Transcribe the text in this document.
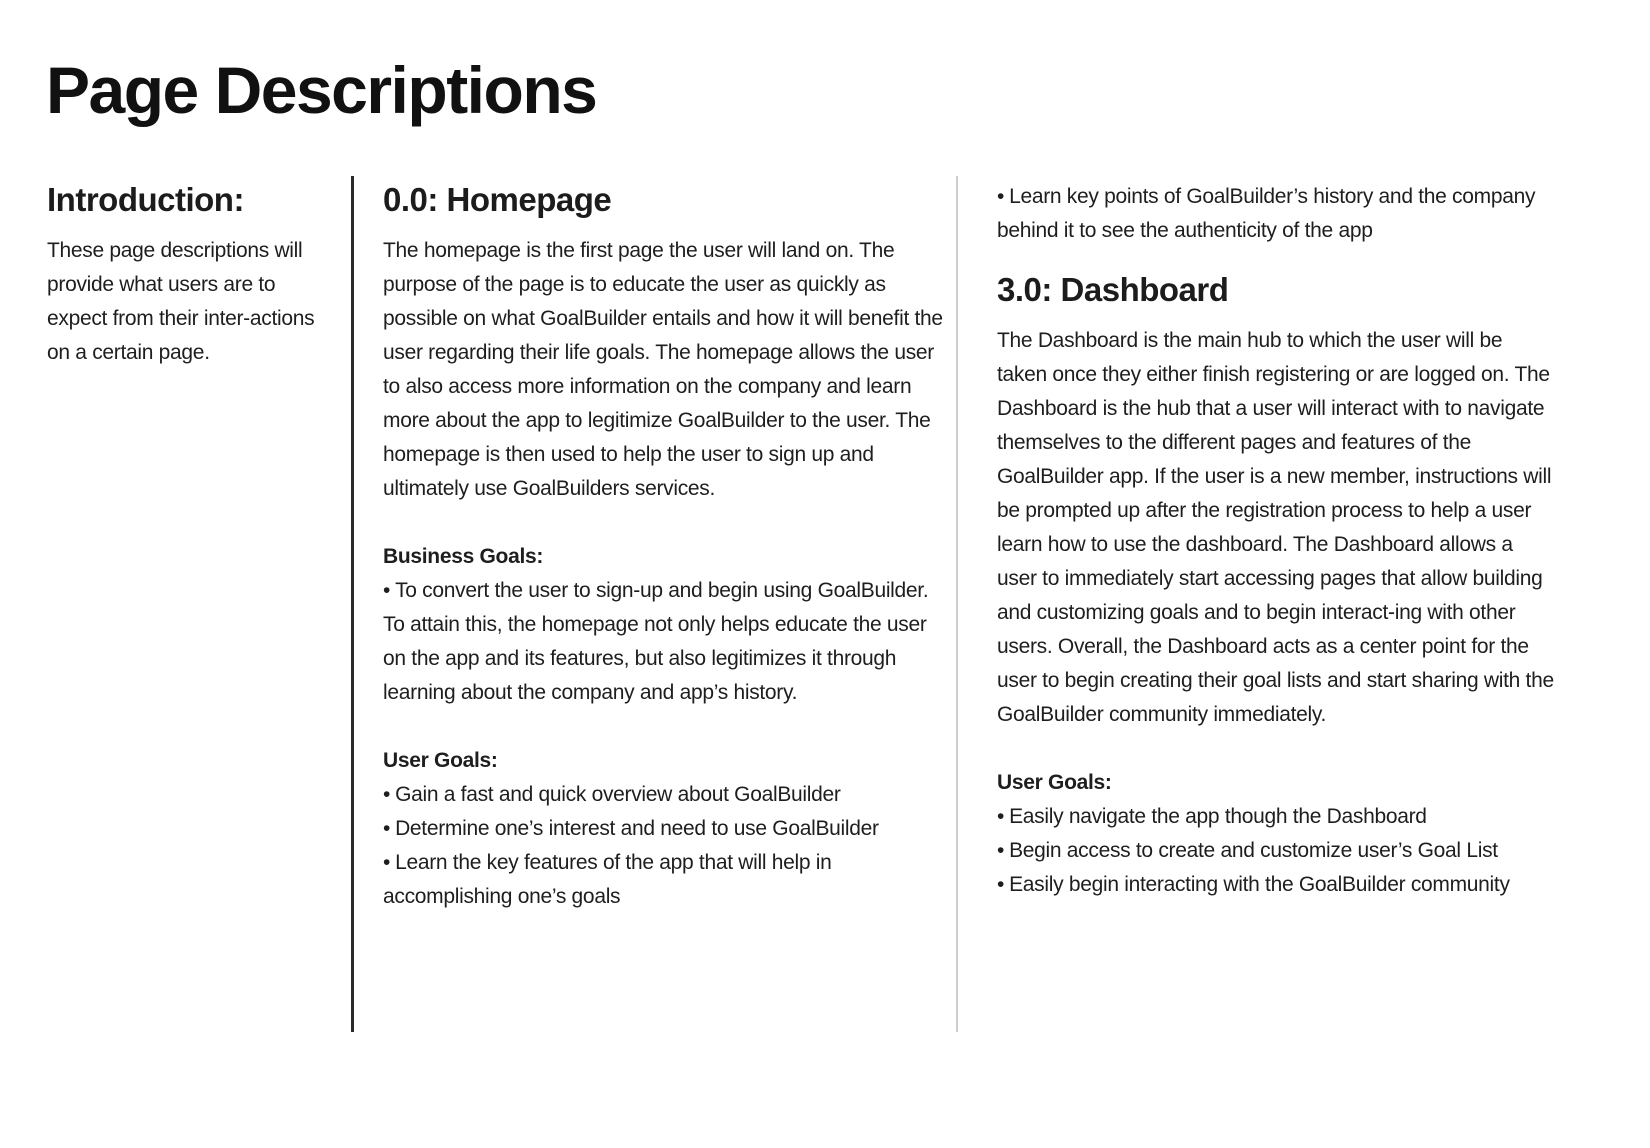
Page Descriptions
Introduction:

These page descriptions will provide what users are to expect from their inter-actions on a certain page.

0.0: Homepage

The homepage is the first page the user will land on. The purpose of the page is to educate the user as quickly as possible on what GoalBuilder entails and how it will benefit the user regarding their life goals. The homepage allows the user to also access more information on the company and learn more about the app to legitimize GoalBuilder to the user. The homepage is then used to help the user to sign up and ultimately use GoalBuilders services.

Business Goals:

• To convert the user to sign-up and begin using GoalBuilder. To attain this, the homepage not only helps educate the user on the app and its features, but also legitimizes it through learning about the company and app’s history.

User Goals:

• Gain a fast and quick overview about GoalBuilder
• Determine one’s interest and need to use GoalBuilder
• Learn the key features of the app that will help in accomplishing one’s goals
• Learn key points of GoalBuilder’s history and the company behind it to see the authenticity of the app
3.0: Dashboard

The Dashboard is the main hub to which the user will be taken once they either finish registering or are logged on. The Dashboard is the hub that a user will interact with to navigate themselves to the different pages and features of the GoalBuilder app. If the user is a new member, instructions will be prompted up after the registration process to help a user learn how to use the dashboard. The Dashboard allows a user to immediately start accessing pages that allow building and customizing goals and to begin interact-ing with other users. Overall, the Dashboard acts as a center point for the user to begin creating their goal lists and start sharing with the GoalBuilder community immediately.

User Goals:

• Easily navigate the app though the Dashboard
• Begin access to create and customize user’s Goal List
• Easily begin interacting with the GoalBuilder community
